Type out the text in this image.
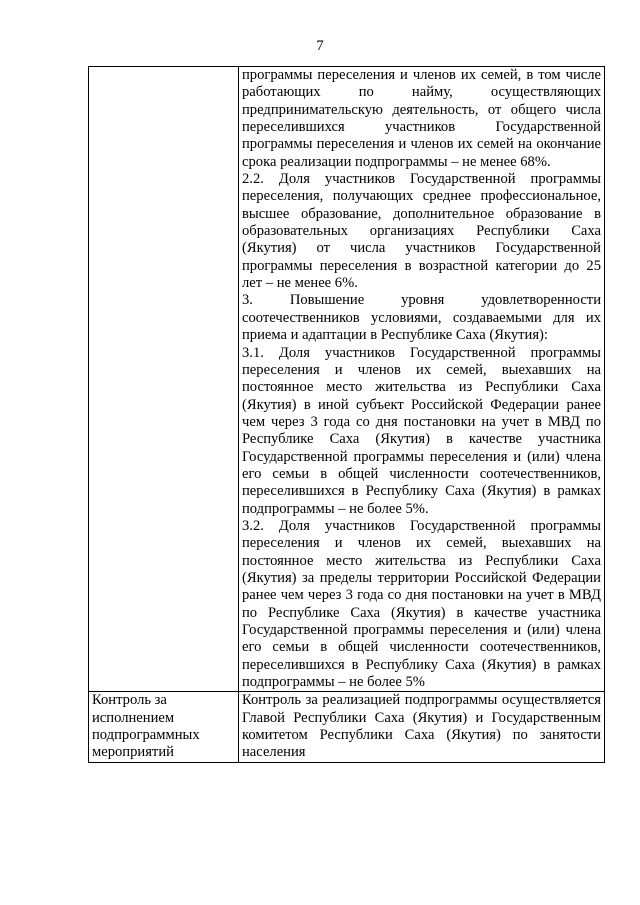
7

	программы переселения и членов их семей, в том числе работающих по найму, осуществляющих предпринимательскую деятельность, от общего числа переселившихся участников Государственной программы переселения и членов их семей на окончание срока реализации подпрограммы – не менее 68%.

2.2. Доля участников Государственной программы переселения, получающих среднее профессиональное, высшее образование, дополнительное образование в образовательных организациях Республики Саха (Якутия) от числа участников Государственной программы переселения в возрастной категории до 25 лет – не менее 6%.

3. Повышение уровня удовлетворенности соотечественников условиями, создаваемыми для их приема и адаптации в Республике Саха (Якутия):

3.1. Доля участников Государственной программы переселения и членов их семей, выехавших на постоянное место жительства из Республики Саха (Якутия) в иной субъект Российской Федерации ранее чем через 3 года со дня постановки на учет в МВД по Республике Саха (Якутия) в качестве участника Государственной программы переселения и (или) члена его семьи в общей численности соотечественников, переселившихся в Республику Саха (Якутия) в рамках подпрограммы – не более 5%.

3.2. Доля участников Государственной программы переселения и членов их семей, выехавших на постоянное место жительства из Республики Саха (Якутия) за пределы территории Российской Федерации ранее чем через 3 года со дня постановки на учет в МВД по Республике Саха (Якутия) в качестве участника Государственной программы переселения и (или) члена его семьи в общей численности соотечественников, переселившихся в Республику Саха (Якутия) в рамках подпрограммы – не более 5%

Контроль за исполнением подпрограммных мероприятий	Контроль за реализацией подпрограммы осуществляется Главой Республики Саха (Якутия) и Государственным комитетом Республики Саха (Якутия) по занятости населения
